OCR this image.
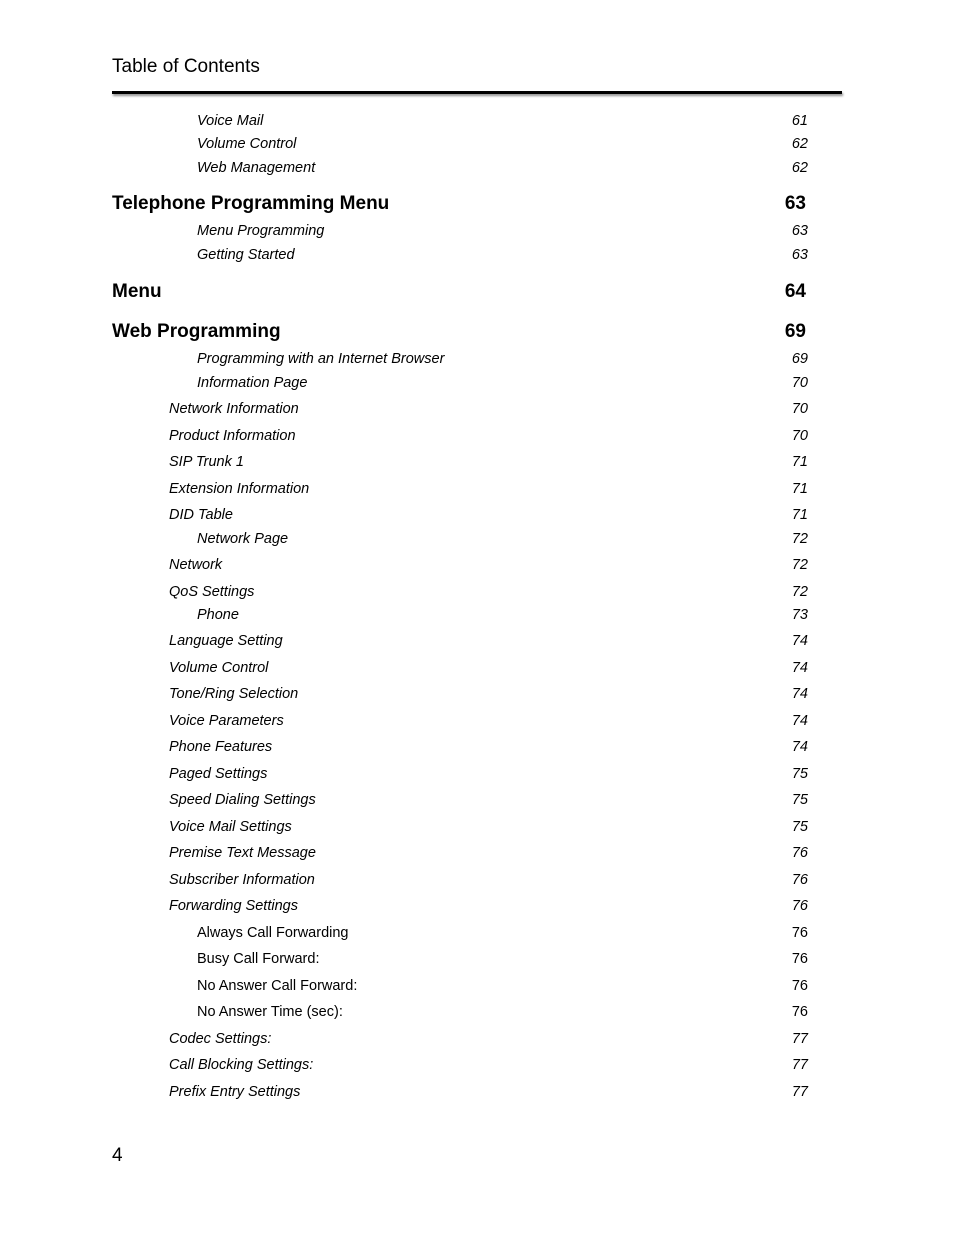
Table of Contents
Voice Mail	61
Volume Control	62
Web Management	62
Telephone Programming Menu	63
Menu Programming	63
Getting Started	63
Menu	64
Web Programming	69
Programming with an Internet Browser	69
Information Page	70
Network Information	70
Product Information	70
SIP Trunk 1	71
Extension Information	71
DID Table	71
Network Page	72
Network	72
QoS Settings	72
Phone	73
Language Setting	74
Volume Control	74
Tone/Ring Selection	74
Voice Parameters	74
Phone Features	74
Paged Settings	75
Speed Dialing Settings	75
Voice Mail Settings	75
Premise Text Message	76
Subscriber Information	76
Forwarding Settings	76
Always Call Forwarding	76
Busy Call Forward:	76
No Answer Call Forward:	76
No Answer Time (sec):	76
Codec Settings:	77
Call Blocking Settings:	77
Prefix Entry Settings	77
4
